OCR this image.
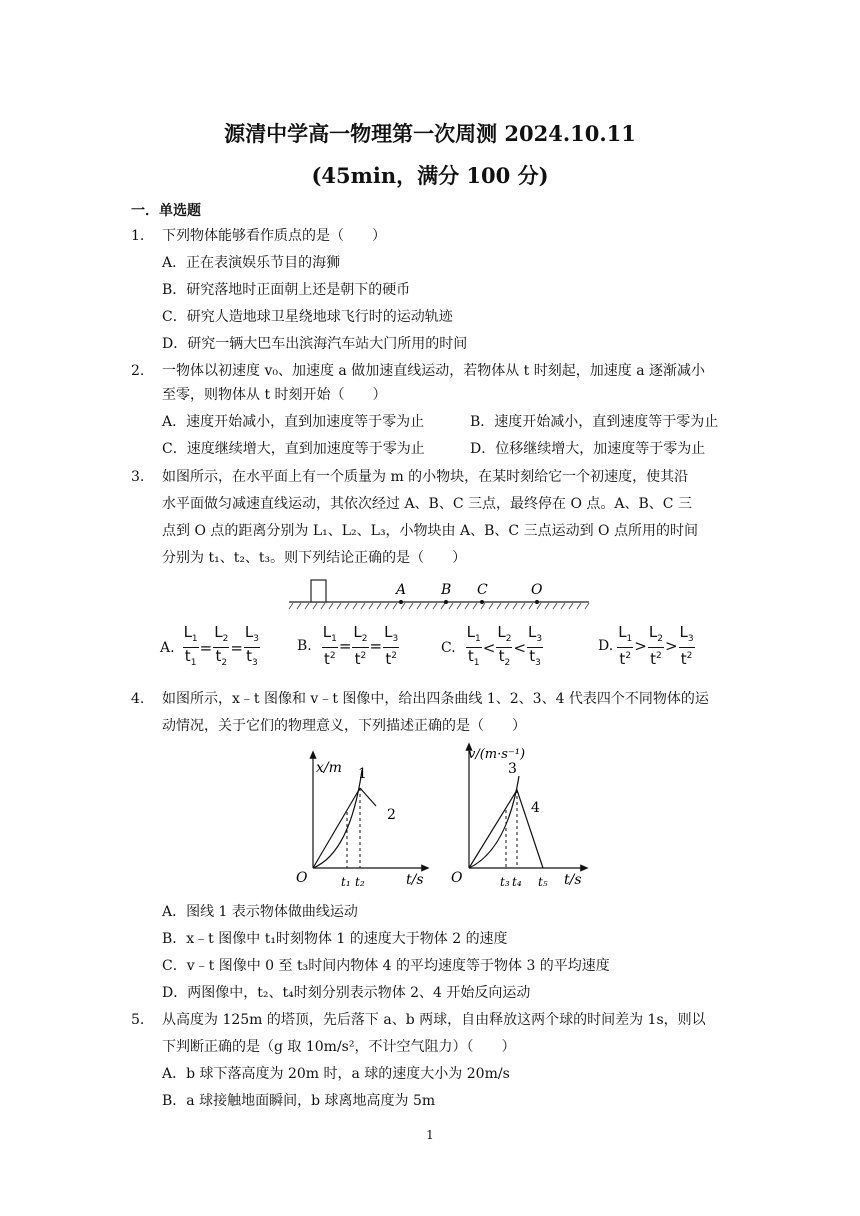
源清中学高一物理第一次周测 2024.10.11
(45min，满分 100 分)
一．单选题
1. 下列物体能够看作质点的是（　　）
A．正在表演娱乐节目的海狮
B．研究落地时正面朝上还是朝下的硬币
C．研究人造地球卫星绕地球飞行时的运动轨迹
D．研究一辆大巴车出滨海汽车站大门所用的时间
2. 一物体以初速度 v₀、加速度 a 做加速直线运动，若物体从 t 时刻起，加速度 a 逐渐减小
至零，则物体从 t 时刻开始（　　）
A．速度开始减小，直到加速度等于零为止	B．速度开始减小，直到速度等于零为止
C．速度继续增大，直到加速度等于零为止	D．位移继续增大，加速度等于零为止
3. 如图所示，在水平面上有一个质量为 m 的小物块，在某时刻给它一个初速度，使其沿
水平面做匀减速直线运动，其依次经过 A、B、C 三点，最终停在 O 点。A、B、C 三
点到 O 点的距离分别为 L₁、L₂、L₃，小物块由 A、B、C 三点运动到 O 点所用的时间
分别为 t₁、t₂、t₃。则下列结论正确的是（　　）
A B C	O
A. $\frac{L_1}{t_1} = \frac{L_2}{t_2} = \frac{L_3}{t_3}$	B. $\frac{L_1}{t^2} = \frac{L_2}{t^2} = \frac{L_3}{t^2}$	C. $\frac{L_1}{t_1} < \frac{L_2}{t_2} < \frac{L_3}{t_3}$	D. $\frac{L_1}{t^2} > \frac{L_2}{t^2} > \frac{L_3}{t^2}$
4. 如图所示，x﹣t 图像和 v﹣t 图像中，给出四条曲线 1、2、3、4 代表四个不同物体的运
动情况，关于它们的物理意义，下列描述正确的是（　　）
x/m
t/s
O	t₁ t₂
1
2
v/(m·s⁻¹)
t/s
O	t₃ t₄ t₅
3
4
A．图线 1 表示物体做曲线运动
B．x﹣t 图像中 t₁时刻物体 1 的速度大于物体 2 的速度
C．v﹣t 图像中 0 至 t₃时间内物体 4 的平均速度等于物体 3 的平均速度
D．两图像中，t₂、t₄时刻分别表示物体 2、4 开始反向运动
5. 从高度为 125m 的塔顶，先后落下 a、b 两球，自由释放这两个球的时间差为 1s，则以
下判断正确的是（g 取 10m/s²，不计空气阻力）（　　）
A．b 球下落高度为 20m 时，a 球的速度大小为 20m/s
B．a 球接触地面瞬间，b 球离地高度为 5m
1
